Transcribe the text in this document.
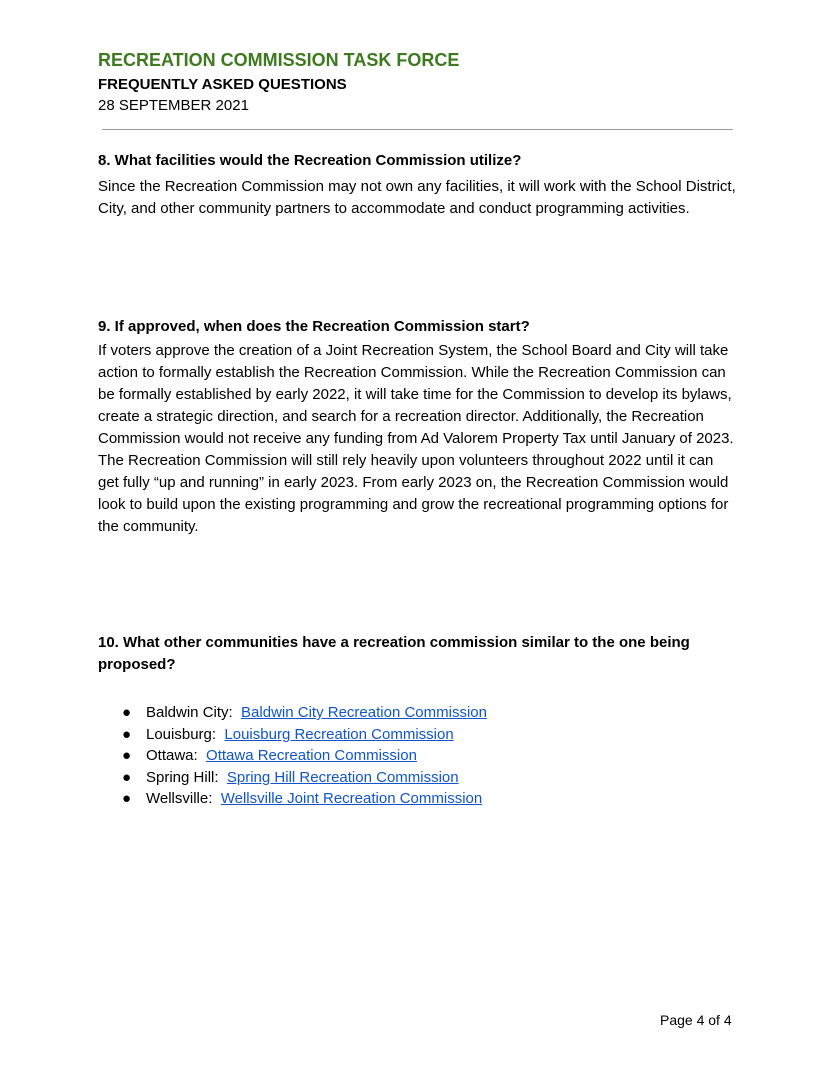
RECREATION COMMISSION TASK FORCE
FREQUENTLY ASKED QUESTIONS
28 SEPTEMBER 2021
8. What facilities would the Recreation Commission utilize?
Since the Recreation Commission may not own any facilities, it will work with the School District, City, and other community partners to accommodate and conduct programming activities.
9. If approved, when does the Recreation Commission start?
If voters approve the creation of a Joint Recreation System, the School Board and City will take action to formally establish the Recreation Commission. While the Recreation Commission can be formally established by early 2022, it will take time for the Commission to develop its bylaws, create a strategic direction, and search for a recreation director. Additionally, the Recreation Commission would not receive any funding from Ad Valorem Property Tax until January of 2023. The Recreation Commission will still rely heavily upon volunteers throughout 2022 until it can get fully “up and running” in early 2023. From early 2023 on, the Recreation Commission would look to build upon the existing programming and grow the recreational programming options for the community.
10. What other communities have a recreation commission similar to the one being proposed?
● Baldwin City: Baldwin City Recreation Commission
● Louisburg: Louisburg Recreation Commission
● Ottawa: Ottawa Recreation Commission
● Spring Hill: Spring Hill Recreation Commission
● Wellsville: Wellsville Joint Recreation Commission
Page 4 of 4
